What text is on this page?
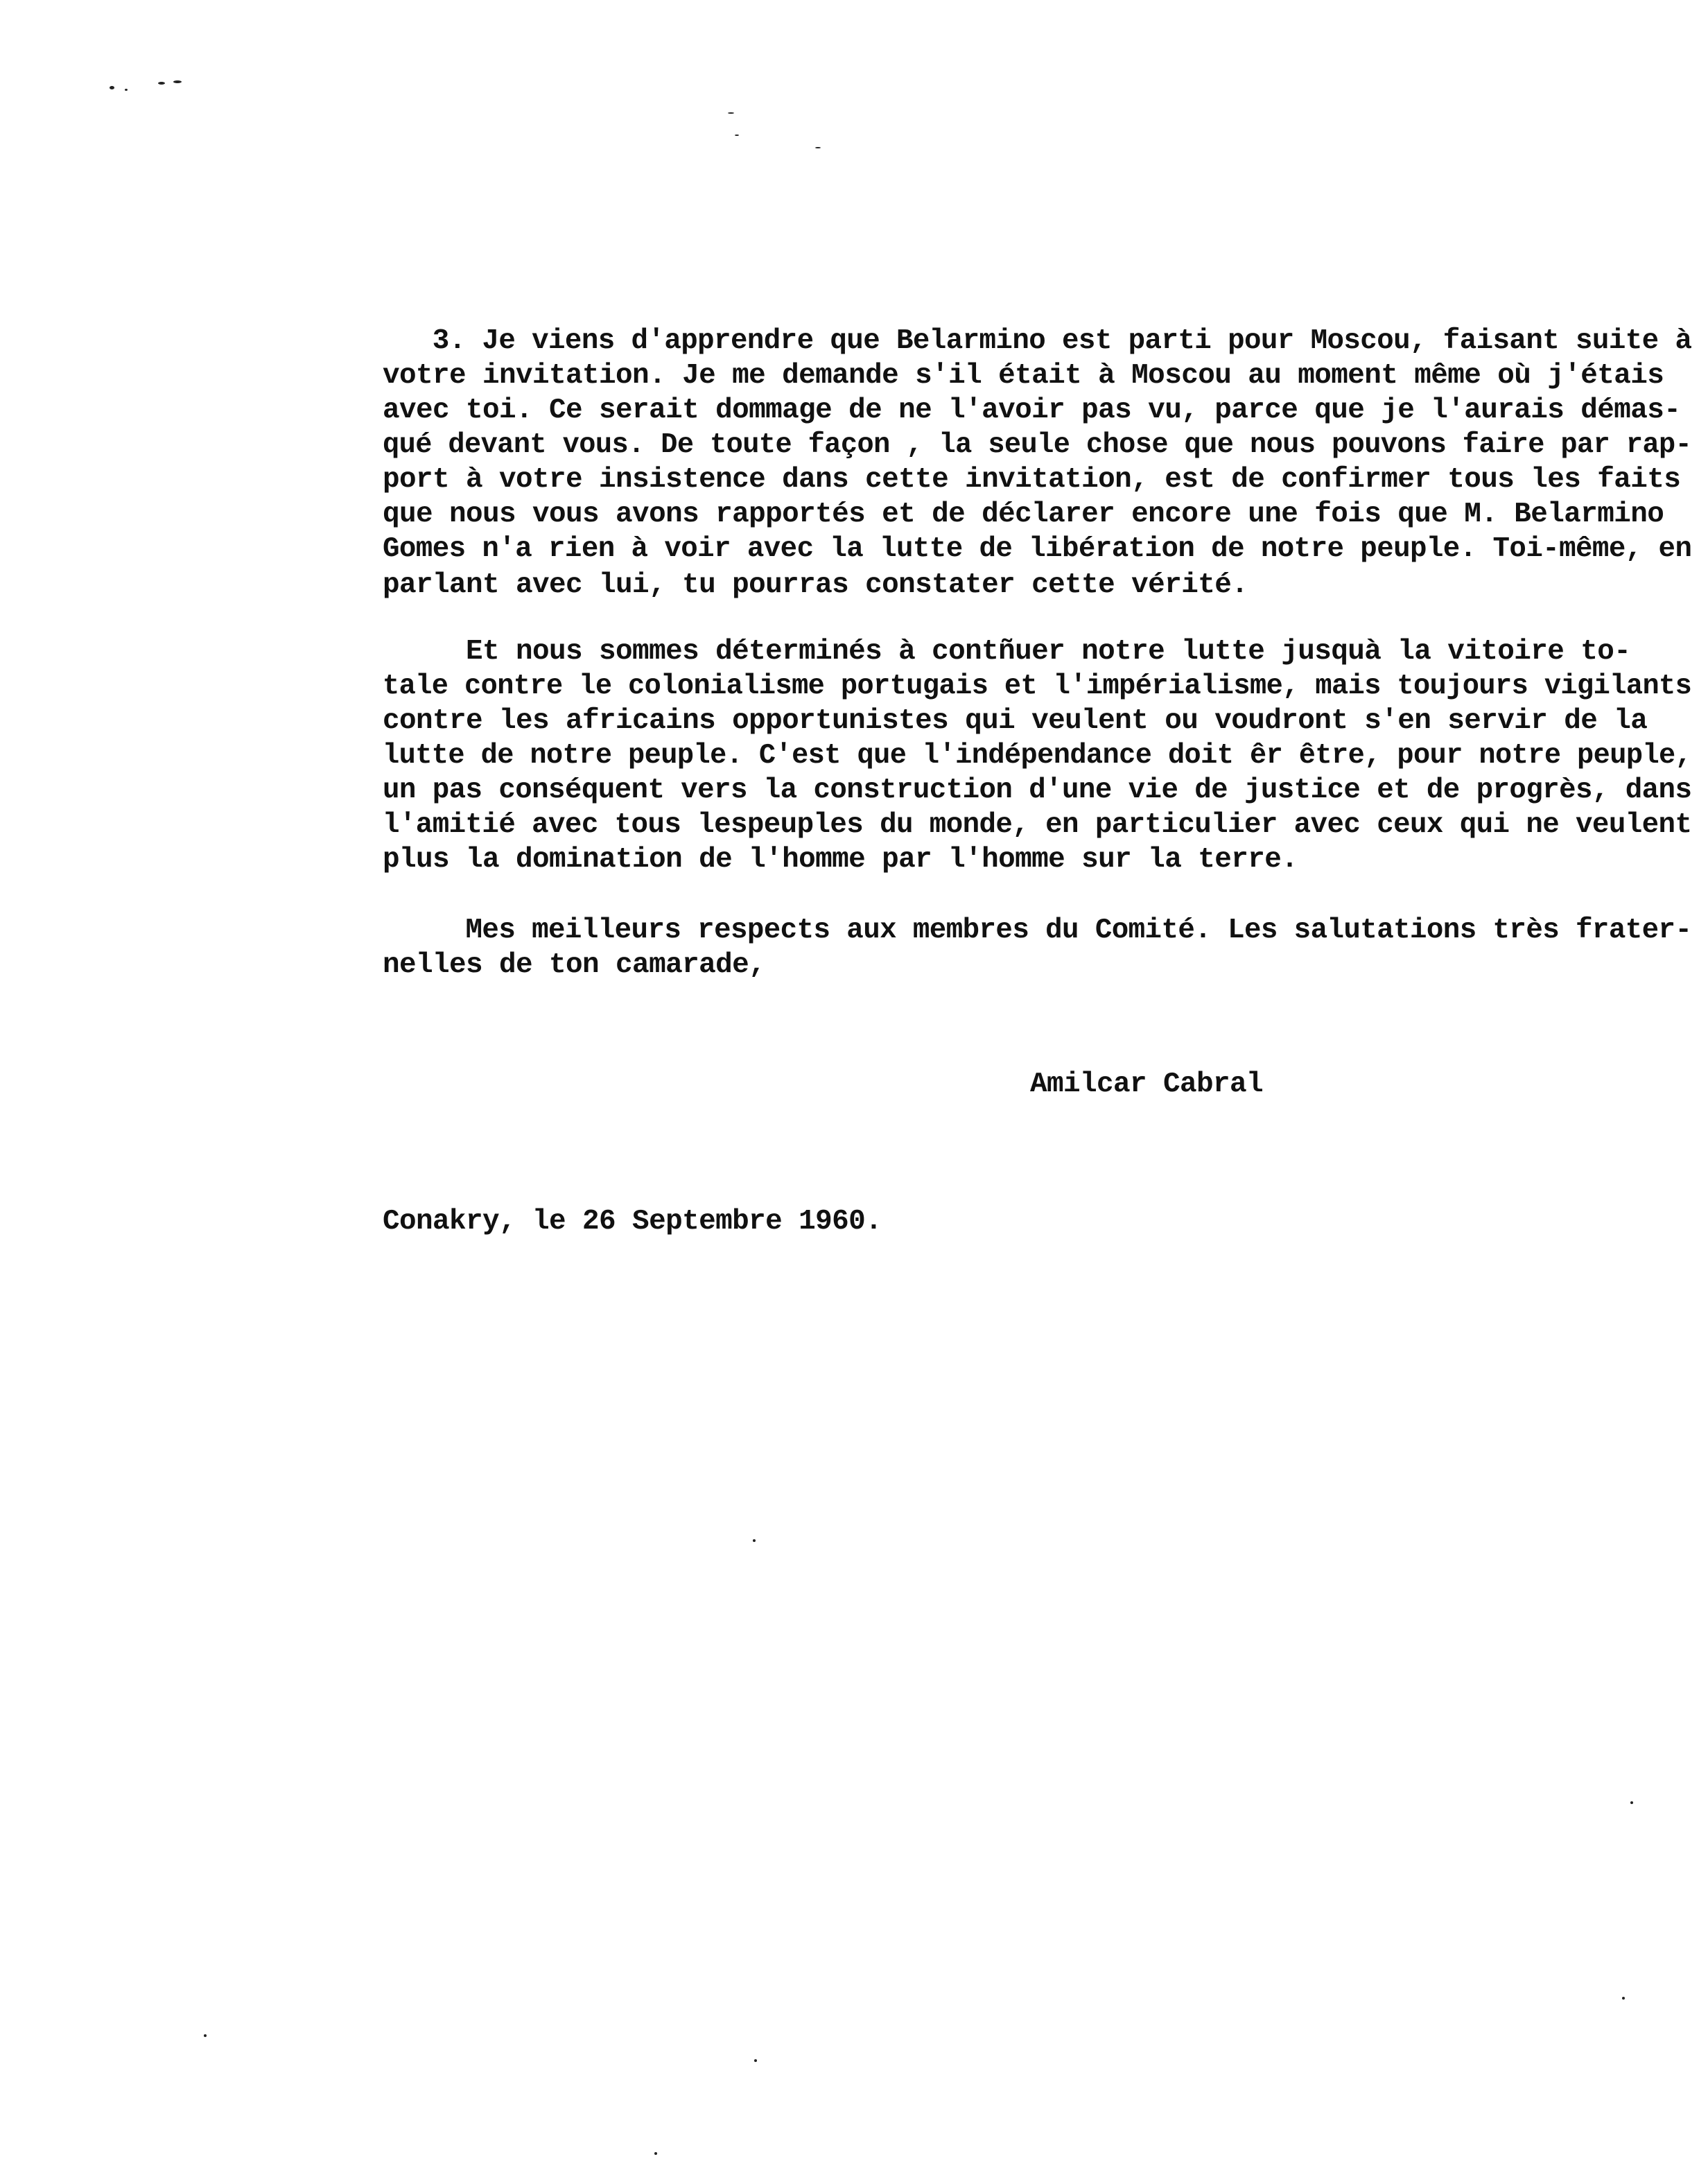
3. Je viens d'apprendre que Belarmino est parti pour Moscou, faisant suite à
votre invitation. Je me demande s'il était à Moscou au moment même où j'étais
avec toi. Ce serait dommage de ne l'avoir pas vu, parce que je l'aurais démas-
qué devant vous. De toute façon , la seule chose que nous pouvons faire par rap-
port à votre insistence dans cette invitation, est de confirmer tous les faits
que nous vous avons rapportés et de déclarer encore une fois que M. Belarmino
Gomes n'a rien à voir avec la lutte de libération de notre peuple. Toi-même, en
parlant avec lui, tu pourras constater cette vérité.
Et nous sommes déterminés à contñuer notre lutte jusquà la vitoire to-
tale contre le colonialisme portugais et l'impérialisme, mais toujours vigilants
contre les africains opportunistes qui veulent ou voudront s'en servir de la
lutte de notre peuple. C'est que l'indépendance doit êr être, pour notre peuple,
un pas conséquent vers la construction d'une vie de justice et de progrès, dans
l'amitié avec tous lespeuples du monde, en particulier avec ceux qui ne veulent
plus la domination de l'homme par l'homme sur la terre.
Mes meilleurs respects aux membres du Comité. Les salutations très frater-
nelles de ton camarade,
Amilcar Cabral
Conakry, le 26 Septembre 1960.
